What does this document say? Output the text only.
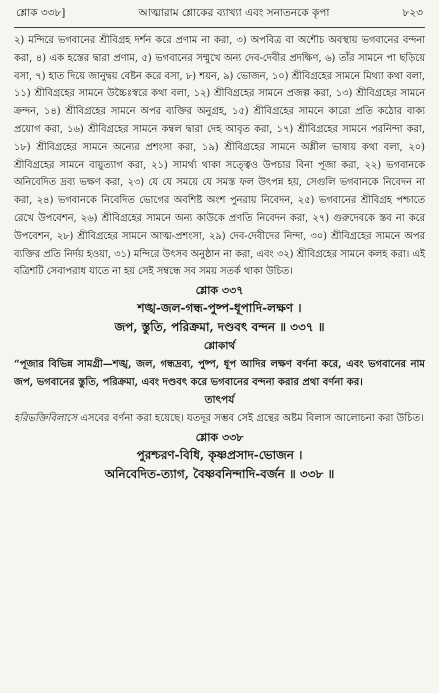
শ্লোক ৩৩৮]	আত্মারাম শ্লোকের ব্যাখ্যা এবং সনাতনকে কৃপা	৮২৩

২) মন্দিরে ভগবানের শ্রীবিগ্রহ দর্শন করে প্রণাম না করা, ৩) অপবিত্র বা অশৌচ অবস্থায় ভগবানের বন্দনা করা, ৪) এক হস্তের দ্বারা প্রণাম, ৫) ভগবানের সম্মুখে অন্য দেব-দেবীর প্রদক্ষিণ, ৬) তাঁর সামনে পা ছড়িয়ে বসা, ৭) হাত দিয়ে জানুদ্বয় বেষ্টন করে বসা, ৮) শয়ন, ৯) ভোজন, ১০) শ্রীবিগ্রহের সামনে মিথ্যা কথা বলা, ১১) শ্রীবিগ্রহের সামনে উচ্চৈঃস্বরে কথা বলা, ১২) শ্রীবিগ্রহের সামনে প্রজল্প করা, ১৩) শ্রীবিগ্রহের সামনে ক্রন্দন, ১৪) শ্রীবিগ্রহের সামনে অপর ব্যক্তির অনুগ্রহ, ১৫) শ্রীবিগ্রহের সামনে কারো প্রতি কঠোর বাক্য প্রয়োগ করা, ১৬) শ্রীবিগ্রহের সামনে কম্বল দ্বারা দেহ আবৃত করা, ১৭) শ্রীবিগ্রহের সামনে পরনিন্দা করা, ১৮) শ্রীবিগ্রহের সামনে অন্যের প্রশংসা করা, ১৯) শ্রীবিগ্রহের সামনে অশ্লীল ভাষায় কথা বলা, ২০) শ্রীবিগ্রহের সামনে বায়ুত্যাগ করা, ২১) সামর্থ্য থাকা সত্ত্বেও উপচার বিনা পূজা করা, ২২) ভগবানকে অনিবেদিত দ্রব্য ভক্ষণ করা, ২৩) যে যে সময়ে যে সমস্ত ফল উৎপন্ন হয়, সেগুলি ভগবানকে নিবেদন না করা, ২৪) ভগবানকে নিবেদিত ভোগের অবশিষ্ট অংশ পুনরায় নিবেদন, ২৫) ভগবানের শ্রীবিগ্রহ পশ্চাতে রেখে উপবেশন, ২৬) শ্রীবিগ্রহের সামনে অন্য কাউকে প্রণতি নিবেদন করা, ২৭) গুরুদেবকে স্তব না করে উপবেশন, ২৮) শ্রীবিগ্রহের সামনে আত্ম-প্রশংসা, ২৯) দেব-দেবীদের নিন্দা, ৩০) শ্রীবিগ্রহের সামনে অপর ব্যক্তির প্রতি নির্দয় হওয়া, ৩১) মন্দিরে উৎসব অনুষ্ঠান না করা, এবং ৩২) শ্রীবিগ্রহের সামনে কলহ করা। এই বত্রিশটি সেবাপরাধ যাতে না হয় সেই সম্বন্ধে সব সময় সতর্ক থাকা উচিত।

শ্লোক ৩৩৭

শঙ্খ-জল-গন্ধ-পুষ্প-ধূপাদি-লক্ষণ ।

জপ, স্তুতি, পরিক্রমা, দণ্ডবৎ বন্দন ॥ ৩৩৭ ॥

শ্লোকার্থ

“পূজার বিভিন্ন সামগ্রী—শঙ্খ, জল, গন্ধদ্রব্য, পুষ্প, ধূপ আদির লক্ষণ বর্ণনা করে, এবং ভগবানের নাম জপ, ভগবানের স্তুতি, পরিক্রমা, এবং দণ্ডবৎ করে ভগবানের বন্দনা করার প্রথা বর্ণনা কর।

তাৎপর্য

হরিভক্তিবিলাসে এসবের বর্ণনা করা হয়েছে। যতদূর সম্ভব সেই গ্রন্থের অষ্টম বিলাস আলোচনা করা উচিত।

শ্লোক ৩৩৮

পুরশ্চরণ-বিধি, কৃষ্ণপ্রসাদ-ভোজন ।

অনিবেদিত-ত্যাগ, বৈষ্ণবনিন্দাদি-বর্জন ॥ ৩৩৮ ॥
